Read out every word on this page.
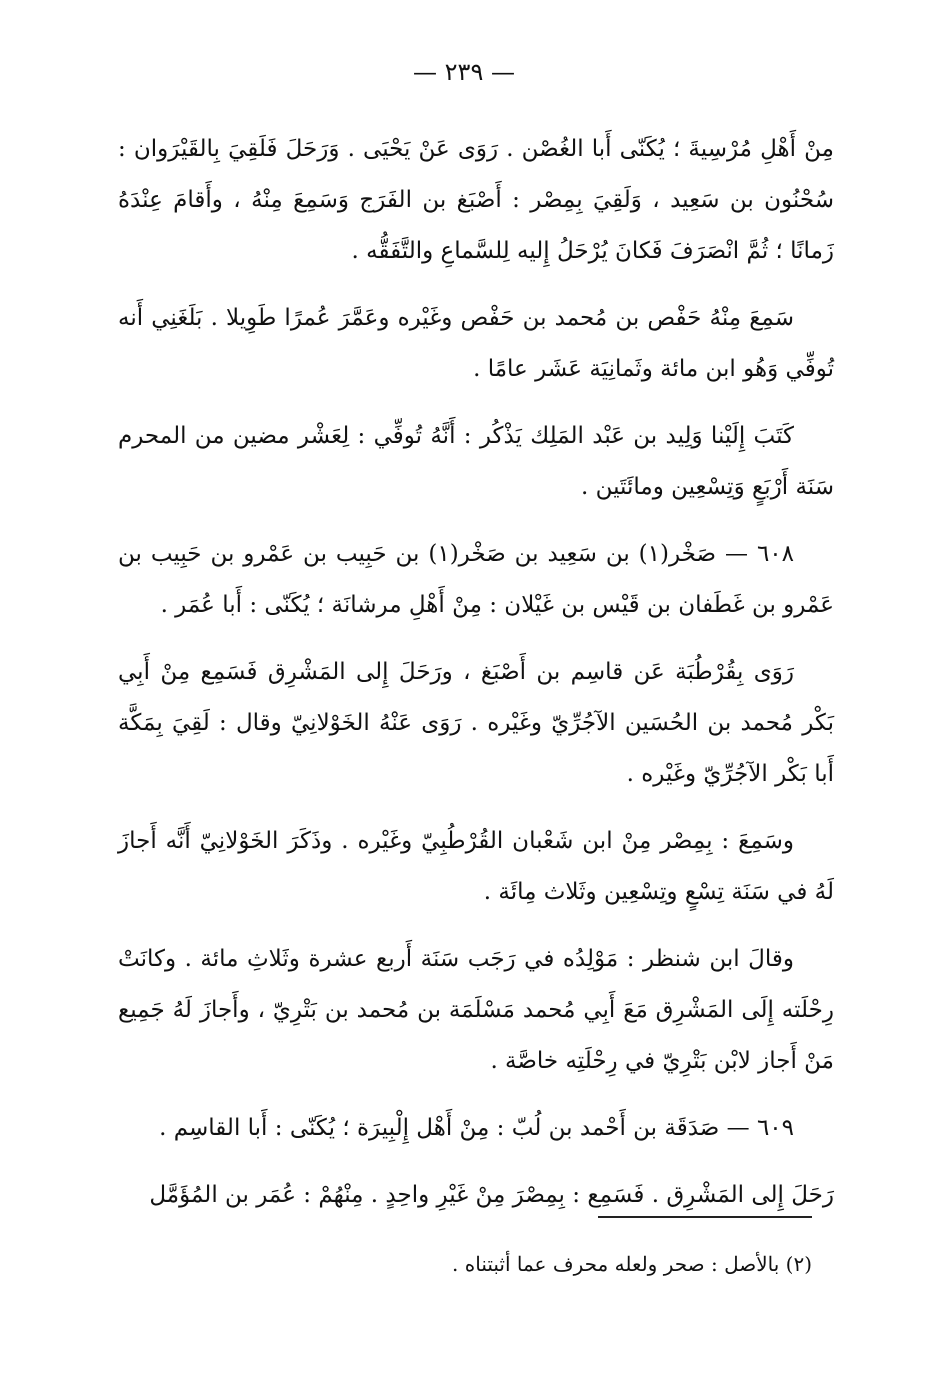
— ٢٣٩ —

مِنْ أَهْلِ مُرْسِيةَ ؛ يُكَنّى أَبا الغُصْن . رَوَى عَنْ يَحْيَى . وَرَحَلَ فَلَقِيَ بِالقَيْرَوان : سُحْنُون بن سَعِيد ، وَلَقِيَ بِمِصْر : أَصْبَغ بن الفَرَج وَسَمِعَ مِنْهُ ، وأَقامَ عِنْدَهُ زَمانًا ؛ ثُمَّ انْصَرَفَ فَكانَ يُرْحَلُ إِليه لِلسَّماعِ والتَّفَقُّه .

سَمِعَ مِنْهُ حَفْص بن مُحمد بن حَفْص وغَيْره وعَمَّرَ عُمرًا طَوِيلا . بَلَغَنِي أَنه تُوفِّي وَهُو ابن مائة وثَمانِيَة عَشَر عامًا .

كَتَبَ إِلَيْنا وَلِيد بن عَبْد المَلِك يَذْكُر : أَنَّهُ تُوفِّي : لِعَشْر مضين من المحرم سَنَة أَرْبَعٍ وَتِسْعِين ومائَتَين .

٦٠٨ — صَخْر(١) بن سَعِيد بن صَخْر(١) بن حَبِيب بن عَمْرو بن حَبِيب بن عَمْرو بن غَطَفان بن قَيْس بن غَيْلان : مِنْ أَهْلِ مرشانَة ؛ يُكَنّى : أَبا عُمَر .

رَوَى بِقُرْطُبَة عَن قاسِم بن أَصْبَغ ، ورَحَلَ إِلى المَشْرِق فَسَمِع مِنْ أَبِي بَكْر مُحمد بن الحُسَين الآجُرِّيّ وغَيْره . رَوَى عَنْهُ الخَوْلانِيّ وقال : لَقِيَ بِمَكَّة أَبا بَكْر الآجُرِّيّ وغَيْره .

وسَمِعَ : بِمِصْر مِنْ ابن شَعْبان القُرْطُبِيّ وغَيْره . وذَكَرَ الخَوْلانِيّ أَنَّه أَجازَ لَهُ في سَنَة تِسْعٍ وتِسْعِين وثَلاث مِائَة .

وقالَ ابن شنظر : مَوْلِدُه في رَجَب سَنَة أَربع عشرة وثَلاثِ مائة . وكانَتْ رِحْلَته إِلَى المَشْرِق مَعَ أَبِي مُحمد مَسْلَمَة بن مُحمد بن بَتْرِيّ ، وأَجازَ لَهُ جَمِيع مَنْ أَجاز لابْن بَتْرِيّ في رِحْلَتِه خاصَّة .

٦٠٩ — صَدَقَة بن أَحْمد بن لُبّ : مِنْ أَهْل إِلْبِيرَة ؛ يُكَنّى : أَبا القاسِم .

رَحَلَ إِلى المَشْرِق . فَسَمِع : بِمِصْرَ مِنْ غَيْرِ واحِدٍ . مِنْهُمْ : عُمَر بن المُؤَمَّل

(٢) بالأصل : صحر ولعله محرف عما أثبتناه .
